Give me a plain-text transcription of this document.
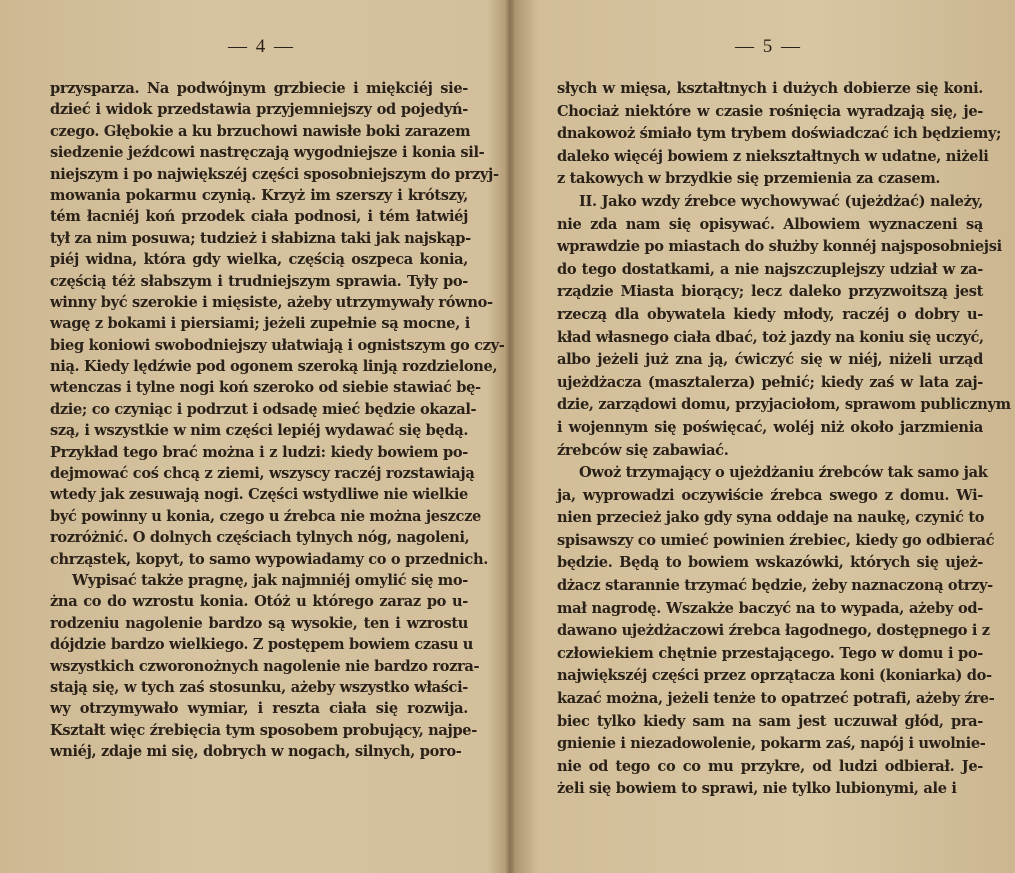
— 4 —
przysparza. Na podwójnym grzbiecie i miękciéj sie-
dzieć i widok przedstawia przyjemniejszy od pojedyń-
czego. Głębokie a ku brzuchowi nawisłe boki zarazem
siedzenie jeźdcowi nastręczają wygodniejsze i konia sil-
niejszym i po największéj części sposobniejszym do przyj-
mowania pokarmu czynią. Krzyż im szerszy i krótszy,
tém łacniéj koń przodek ciała podnosi, i tém łatwiéj
tył za nim posuwa; tudzież i słabizna taki jak najskąp-
piéj widna, która gdy wielka, częścią oszpeca konia,
częścią téż słabszym i trudniejszym sprawia. Tyły po-
winny być szerokie i mięsiste, ażeby utrzymywały równo-
wagę z bokami i piersiami; jeżeli zupełnie są mocne, i
bieg koniowi swobodniejszy ułatwiają i ognistszym go czy-
nią. Kiedy lędźwie pod ogonem szeroką linją rozdzielone,
wtenczas i tylne nogi koń szeroko od siebie stawiać bę-
dzie; co czyniąc i podrzut i odsadę mieć będzie okazal-
szą, i wszystkie w nim części lepiéj wydawać się będą.
Przykład tego brać można i z ludzi: kiedy bowiem po-
dejmować coś chcą z ziemi, wszyscy raczéj rozstawiają
wtedy jak zesuwają nogi. Części wstydliwe nie wielkie
być powinny u konia, czego u źrebca nie można jeszcze
rozróżnić. O dolnych częściach tylnych nóg, nagoleni,
chrząstek, kopyt, to samo wypowiadamy co o przednich.
Wypisać także pragnę, jak najmniéj omylić się mo-
żna co do wzrostu konia. Otóż u którego zaraz po u-
rodzeniu nagolenie bardzo są wysokie, ten i wzrostu
dójdzie bardzo wielkiego. Z postępem bowiem czasu u
wszystkich czworonożnych nagolenie nie bardzo rozra-
stają się, w tych zaś stosunku, ażeby wszystko właści-
wy otrzymywało wymiar, i reszta ciała się rozwija.
Kształt więc źrebięcia tym sposobem probujący, najpe-
wniéj, zdaje mi się, dobrych w nogach, silnych, poro-
— 5 —
słych w mięsa, kształtnych i dużych dobierze się koni.
Chociaż niektóre w czasie rośnięcia wyradzają się, je-
dnakowoż śmiało tym trybem doświadczać ich będziemy;
daleko więcéj bowiem z niekształtnych w udatne, niżeli
z takowych w brzydkie się przemienia za czasem.
II. Jako wzdy źrebce wychowywać (ujeżdżać) należy,
nie zda nam się opisywać. Albowiem wyznaczeni są
wprawdzie po miastach do służby konnéj najsposobniejsi
do tego dostatkami, a nie najszczuplejszy udział w za-
rządzie Miasta biorący; lecz daleko przyzwoitszą jest
rzeczą dla obywatela kiedy młody, raczéj o dobry u-
kład własnego ciała dbać, toż jazdy na koniu się uczyć,
albo jeżeli już zna ją, ćwiczyć się w niéj, niżeli urząd
ujeżdżacza (masztalerza) pełnić; kiedy zaś w lata zaj-
dzie, zarządowi domu, przyjaciołom, sprawom publicznym
i wojennym się poświęcać, woléj niż około jarzmienia
źrebców się zabawiać.
Owoż trzymający o ujeżdżaniu źrebców tak samo jak
ja, wyprowadzi oczywiście źrebca swego z domu. Wi-
nien przecież jako gdy syna oddaje na naukę, czynić to
spisawszy co umieć powinien źrebiec, kiedy go odbierać
będzie. Będą to bowiem wskazówki, których się ujeż-
dżacz starannie trzymać będzie, żeby naznaczoną otrzy-
mał nagrodę. Wszakże baczyć na to wypada, ażeby od-
dawano ujeżdżaczowi źrebca łagodnego, dostępnego i z
człowiekiem chętnie przestającego. Tego w domu i po-
największéj części przez oprzątacza koni (koniarka) do-
kazać można, jeżeli tenże to opatrzeć potrafi, ażeby źre-
biec tylko kiedy sam na sam jest uczuwał głód, pra-
gnienie i niezadowolenie, pokarm zaś, napój i uwolnie-
nie od tego co co mu przykre, od ludzi odbierał. Je-
żeli się bowiem to sprawi, nie tylko lubionymi, ale i
